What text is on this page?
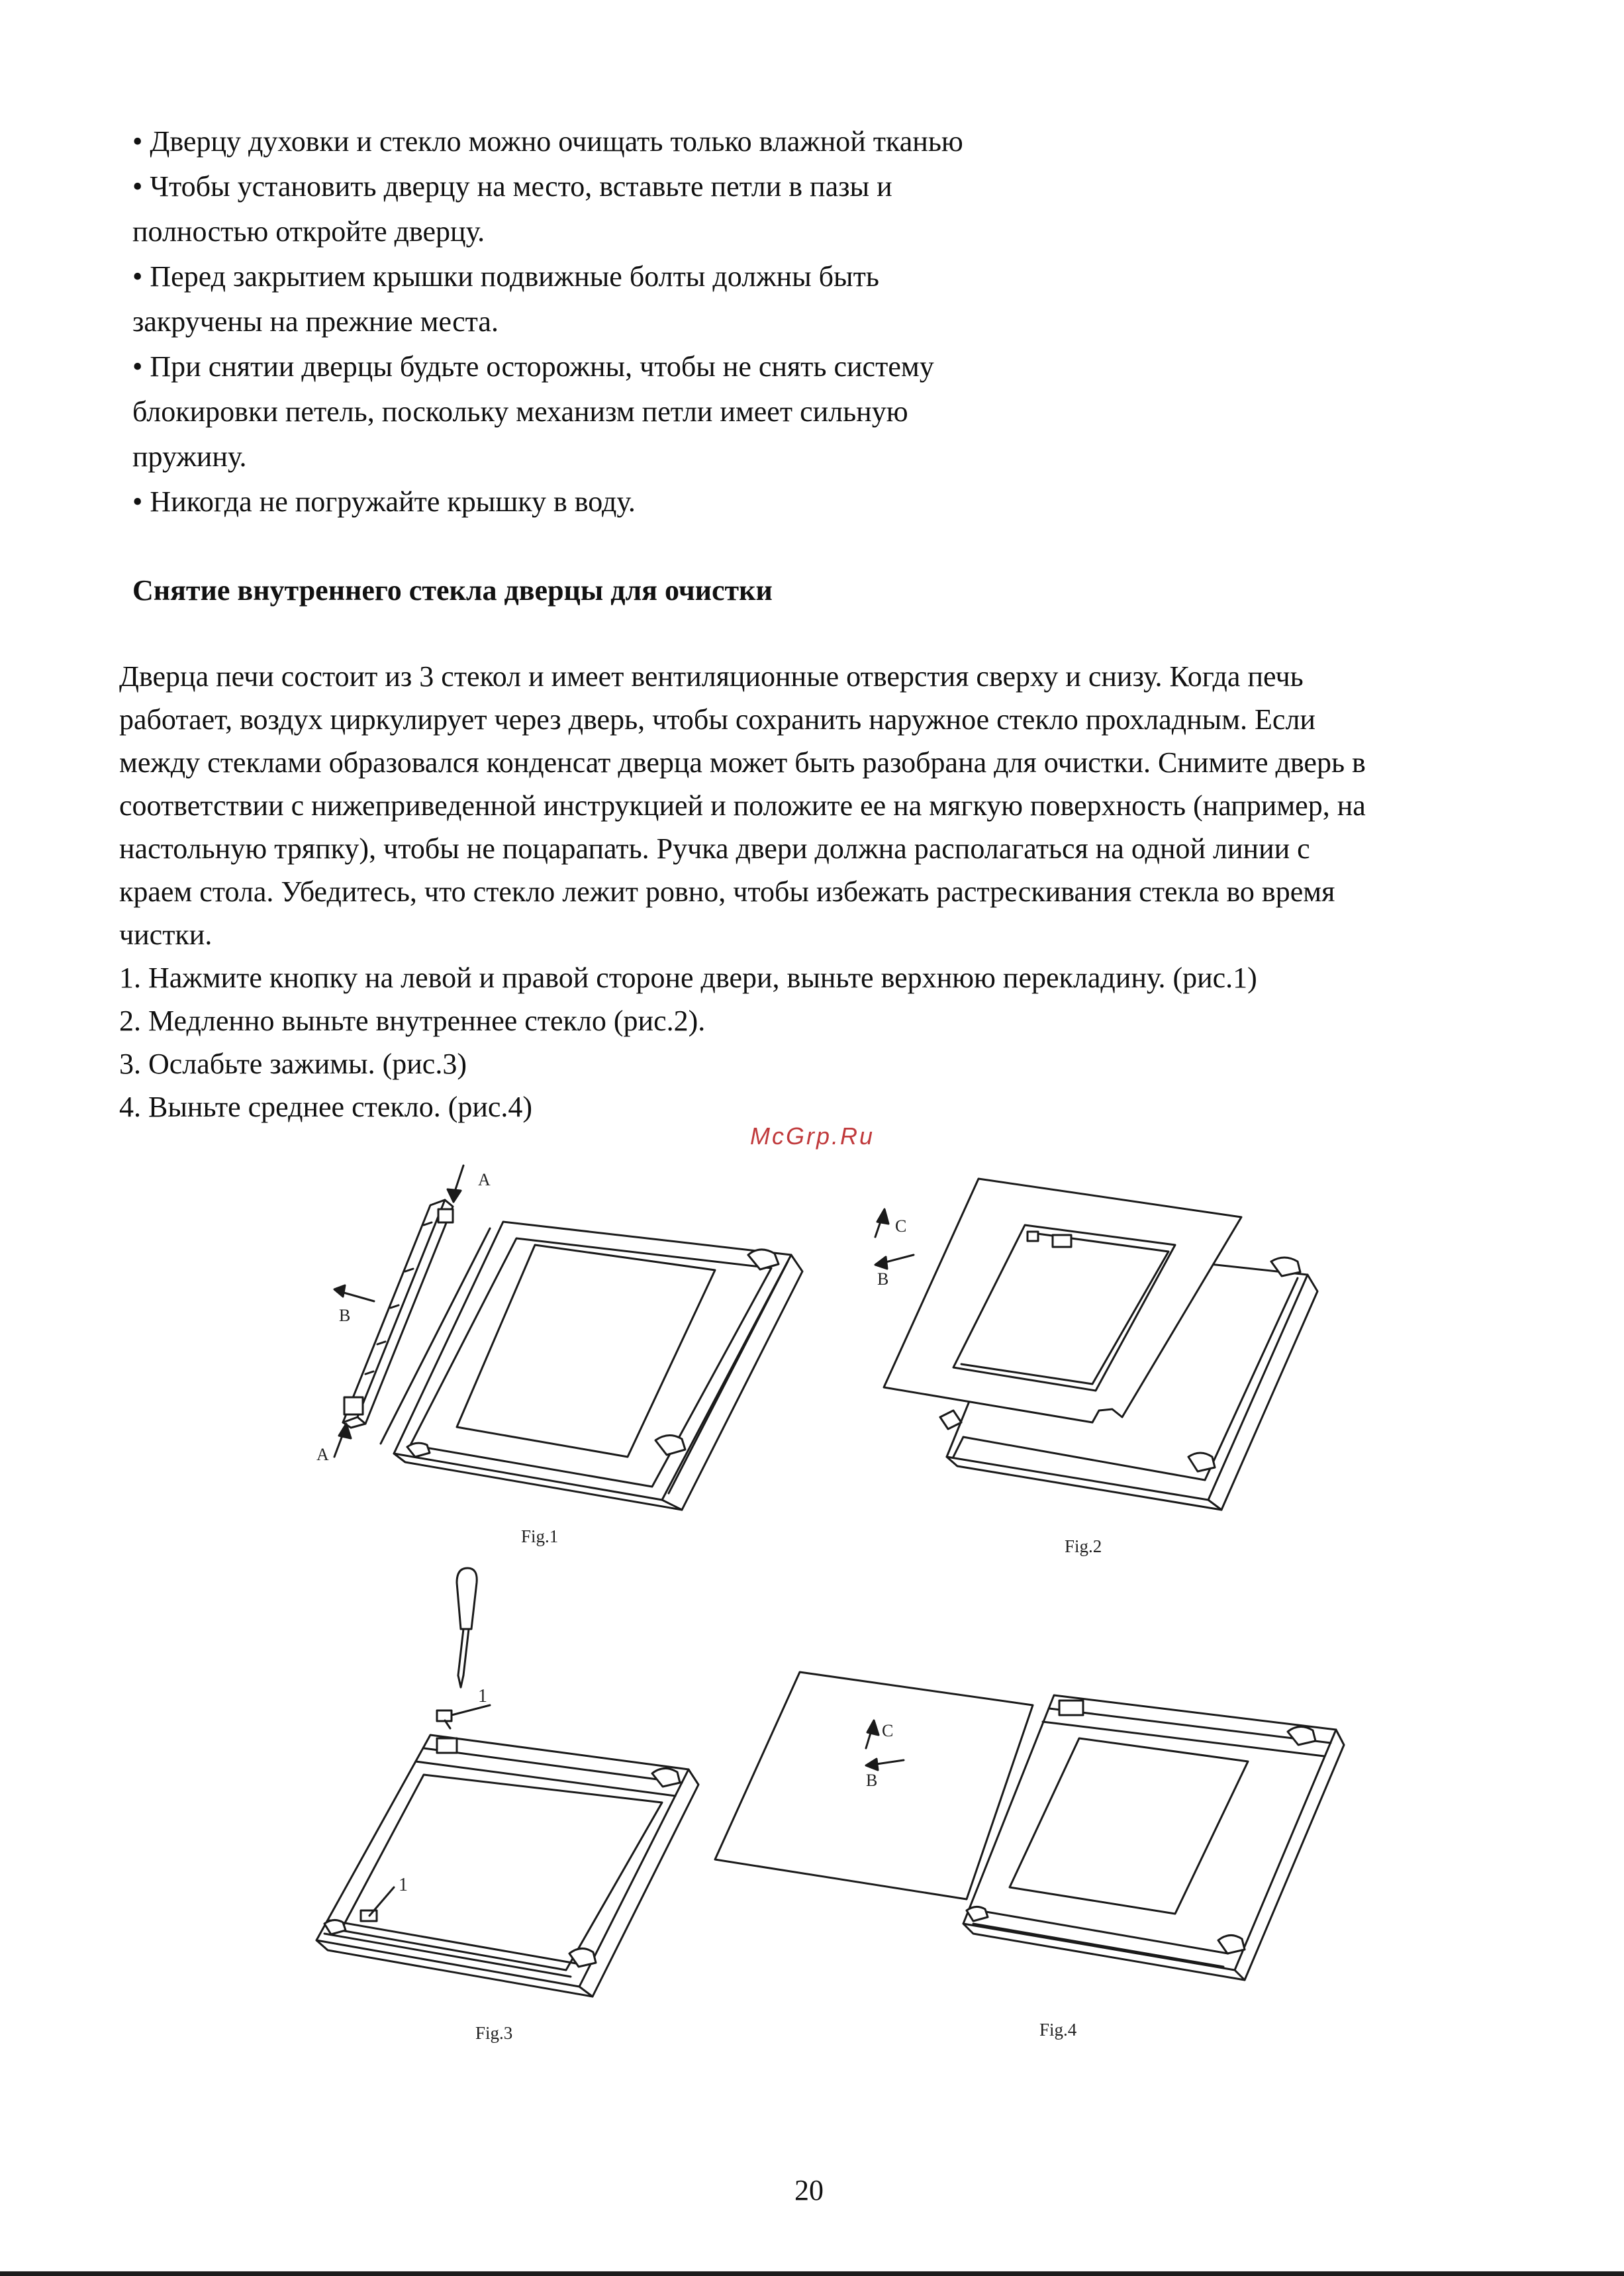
• Дверцу духовки и стекло можно очищать только влажной тканью
• Чтобы установить дверцу на место, вставьте петли в пазы и
полностью откройте дверцу.
• Перед закрытием крышки подвижные болты должны быть
закручены на прежние места.
• При снятии дверцы будьте осторожны, чтобы не снять систему
блокировки петель, поскольку механизм петли имеет сильную
пружину.
• Никогда не погружайте крышку в воду.
Снятие внутреннего стекла дверцы для очистки
Дверца печи состоит из 3 стекол и имеет вентиляционные отверстия сверху и снизу. Когда печь
работает, воздух циркулирует через дверь, чтобы сохранить наружное стекло прохладным. Если
между стеклами образовался конденсат дверца может быть разобрана для очистки. Снимите дверь в
соответствии с нижеприведенной инструкцией и положите ее на мягкую поверхность (например, на
настольную тряпку), чтобы не поцарапать. Ручка двери должна располагаться на одной линии с
краем стола. Убедитесь, что стекло лежит ровно, чтобы избежать растрескивания стекла во время
чистки.
1. Нажмите кнопку на левой и правой стороне двери, выньте верхнюю перекладину. (рис.1)
2. Медленно выньте внутреннее стекло (рис.2).
3. Ослабьте зажимы. (рис.3)
4. Выньте среднее стекло. (рис.4)
McGrp.Ru
A
B
A
C
B
1
1
C
B
Fig.1	Fig.2
Fig.3	Fig.4
20
